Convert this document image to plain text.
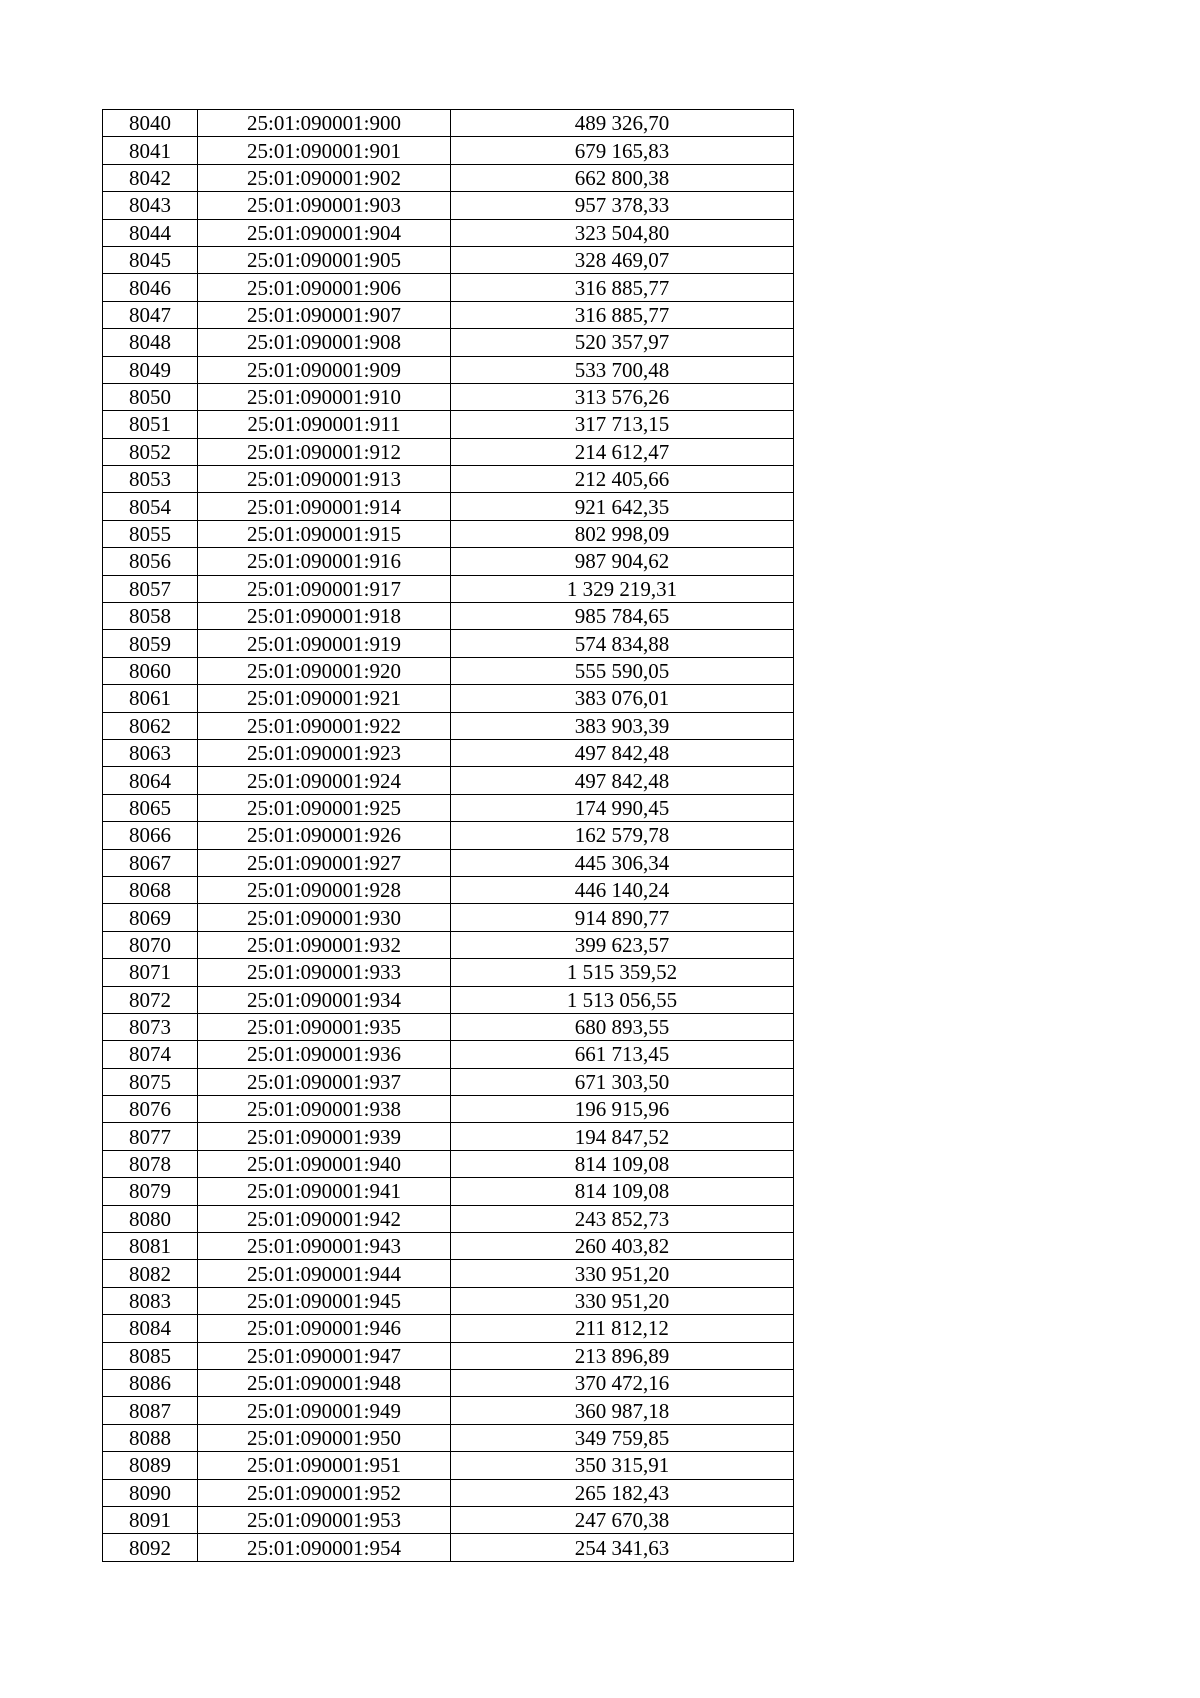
8040	25:01:090001:900	489 326,70
8041	25:01:090001:901	679 165,83
8042	25:01:090001:902	662 800,38
8043	25:01:090001:903	957 378,33
8044	25:01:090001:904	323 504,80
8045	25:01:090001:905	328 469,07
8046	25:01:090001:906	316 885,77
8047	25:01:090001:907	316 885,77
8048	25:01:090001:908	520 357,97
8049	25:01:090001:909	533 700,48
8050	25:01:090001:910	313 576,26
8051	25:01:090001:911	317 713,15
8052	25:01:090001:912	214 612,47
8053	25:01:090001:913	212 405,66
8054	25:01:090001:914	921 642,35
8055	25:01:090001:915	802 998,09
8056	25:01:090001:916	987 904,62
8057	25:01:090001:917	1 329 219,31
8058	25:01:090001:918	985 784,65
8059	25:01:090001:919	574 834,88
8060	25:01:090001:920	555 590,05
8061	25:01:090001:921	383 076,01
8062	25:01:090001:922	383 903,39
8063	25:01:090001:923	497 842,48
8064	25:01:090001:924	497 842,48
8065	25:01:090001:925	174 990,45
8066	25:01:090001:926	162 579,78
8067	25:01:090001:927	445 306,34
8068	25:01:090001:928	446 140,24
8069	25:01:090001:930	914 890,77
8070	25:01:090001:932	399 623,57
8071	25:01:090001:933	1 515 359,52
8072	25:01:090001:934	1 513 056,55
8073	25:01:090001:935	680 893,55
8074	25:01:090001:936	661 713,45
8075	25:01:090001:937	671 303,50
8076	25:01:090001:938	196 915,96
8077	25:01:090001:939	194 847,52
8078	25:01:090001:940	814 109,08
8079	25:01:090001:941	814 109,08
8080	25:01:090001:942	243 852,73
8081	25:01:090001:943	260 403,82
8082	25:01:090001:944	330 951,20
8083	25:01:090001:945	330 951,20
8084	25:01:090001:946	211 812,12
8085	25:01:090001:947	213 896,89
8086	25:01:090001:948	370 472,16
8087	25:01:090001:949	360 987,18
8088	25:01:090001:950	349 759,85
8089	25:01:090001:951	350 315,91
8090	25:01:090001:952	265 182,43
8091	25:01:090001:953	247 670,38
8092	25:01:090001:954	254 341,63
